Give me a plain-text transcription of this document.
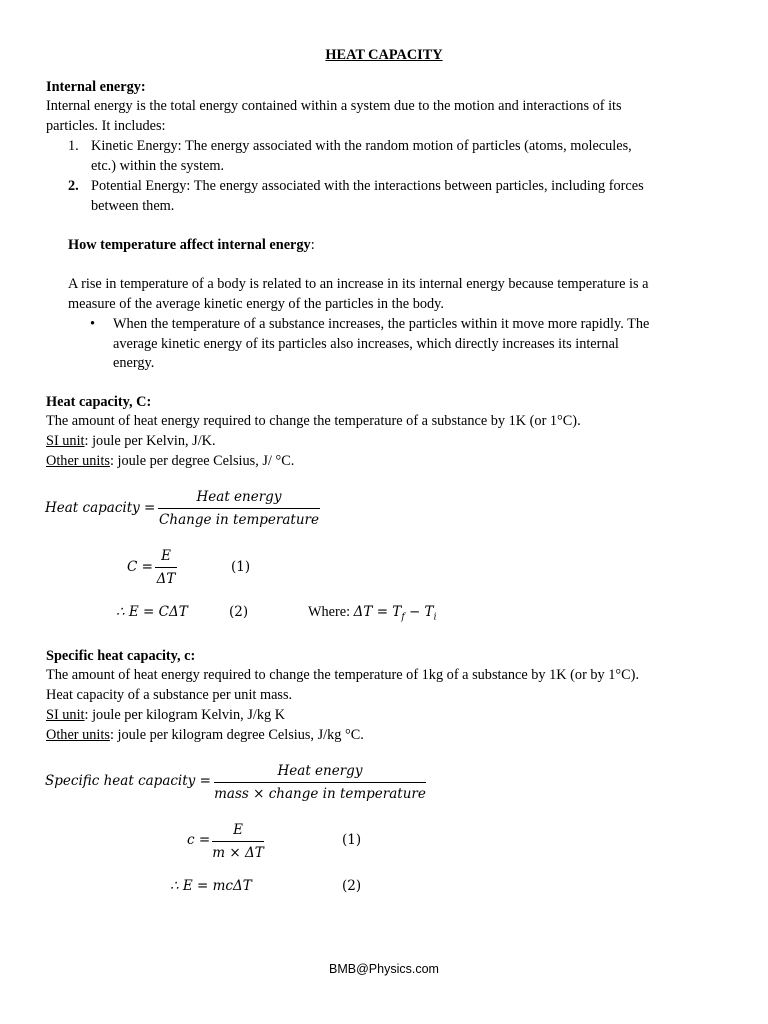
HEAT CAPACITY
Internal energy:
Internal energy is the total energy contained within a system due to the motion and interactions of its
particles. It includes:
1. Kinetic Energy: The energy associated with the random motion of particles (atoms, molecules,
etc.) within the system.
2. Potential Energy: The energy associated with the interactions between particles, including forces
between them.
How temperature affect internal energy:
A rise in temperature of a body is related to an increase in its internal energy because temperature is a
measure of the average kinetic energy of the particles in the body.
• When the temperature of a substance increases, the particles within it move more rapidly. The
average kinetic energy of its particles also increases, which directly increases its internal
energy.
Heat capacity, C:
The amount of heat energy required to change the temperature of a substance by 1K (or 1°C).
SI unit: joule per Kelvin, J/K.
Other units: joule per degree Celsius, J/ °C.
Heat capacity =
Heat energy
Change in temperature
C =
E
ΔT
(1)
∴ E = CΔT	(2)	Where: $\Delta T = T_f - T_i$
Specific heat capacity, c:
The amount of heat energy required to change the temperature of 1kg of a substance by 1K (or by 1°C).
Heat capacity of a substance per unit mass.
SI unit: joule per kilogram Kelvin, J/kg K
Other units: joule per kilogram degree Celsius, J/kg °C.
Specific heat capacity =
Heat energy
mass × change in temperature
c =
E
m × ΔT
(1)
∴ E = mcΔT	(2)
BMB@Physics.com
